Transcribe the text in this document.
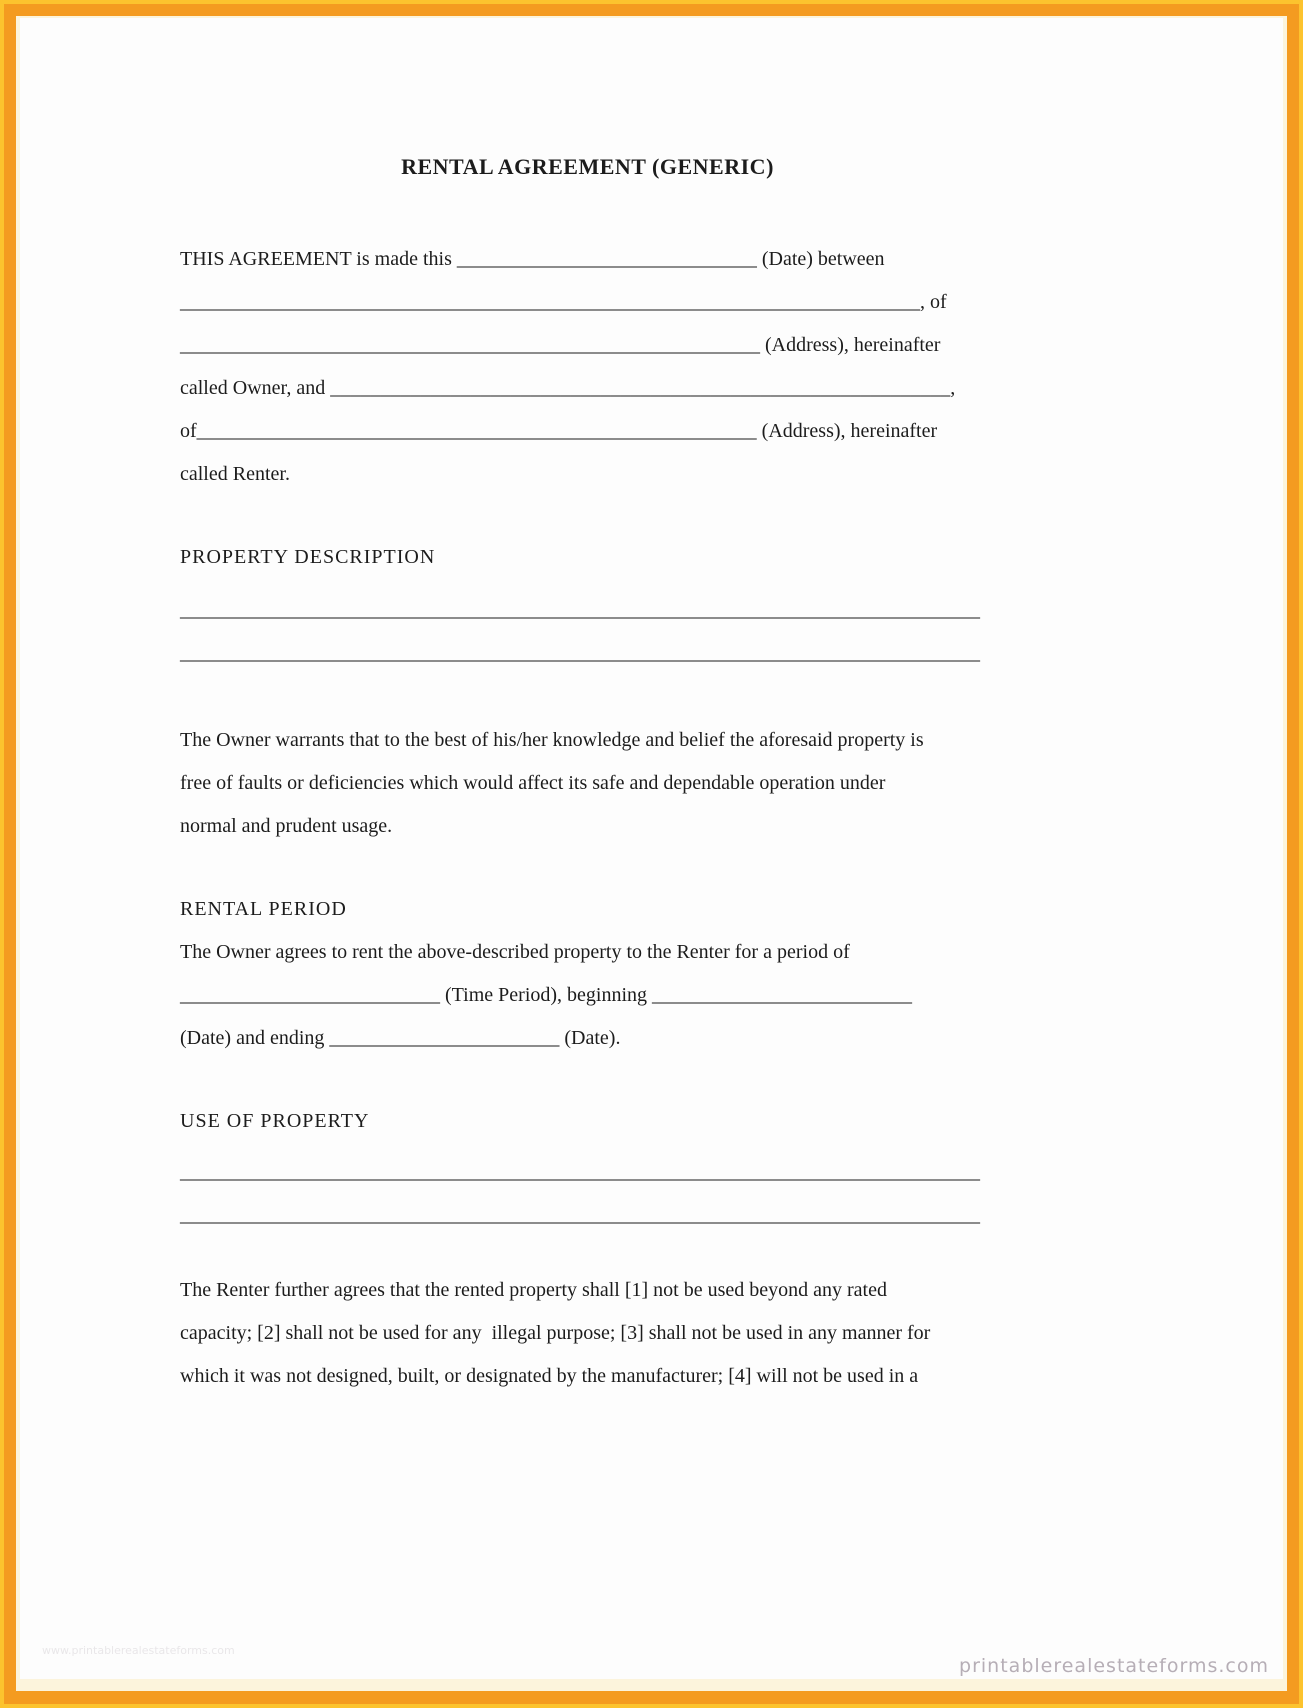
RENTAL AGREEMENT (GENERIC)
THIS AGREEMENT is made this ______________________________ (Date) between
__________________________________________________________________________, of
__________________________________________________________ (Address), hereinafter
called Owner, and ______________________________________________________________,
of________________________________________________________ (Address), hereinafter
called Renter.
PROPERTY DESCRIPTION
________________________________________________________________________________
________________________________________________________________________________
The Owner warrants that to the best of his/her knowledge and belief the aforesaid property is
free of faults or deficiencies which would affect its safe and dependable operation under
normal and prudent usage.
RENTAL PERIOD
The Owner agrees to rent the above-described property to the Renter for a period of
__________________________ (Time Period), beginning __________________________
(Date) and ending _______________________ (Date).
USE OF PROPERTY
________________________________________________________________________________
________________________________________________________________________________
The Renter further agrees that the rented property shall [1] not be used beyond any rated
capacity; [2] shall not be used for any  illegal purpose; [3] shall not be used in any manner for
which it was not designed, built, or designated by the manufacturer; [4] will not be used in a
www.printablerealestateforms.com
printablerealestateforms.com
